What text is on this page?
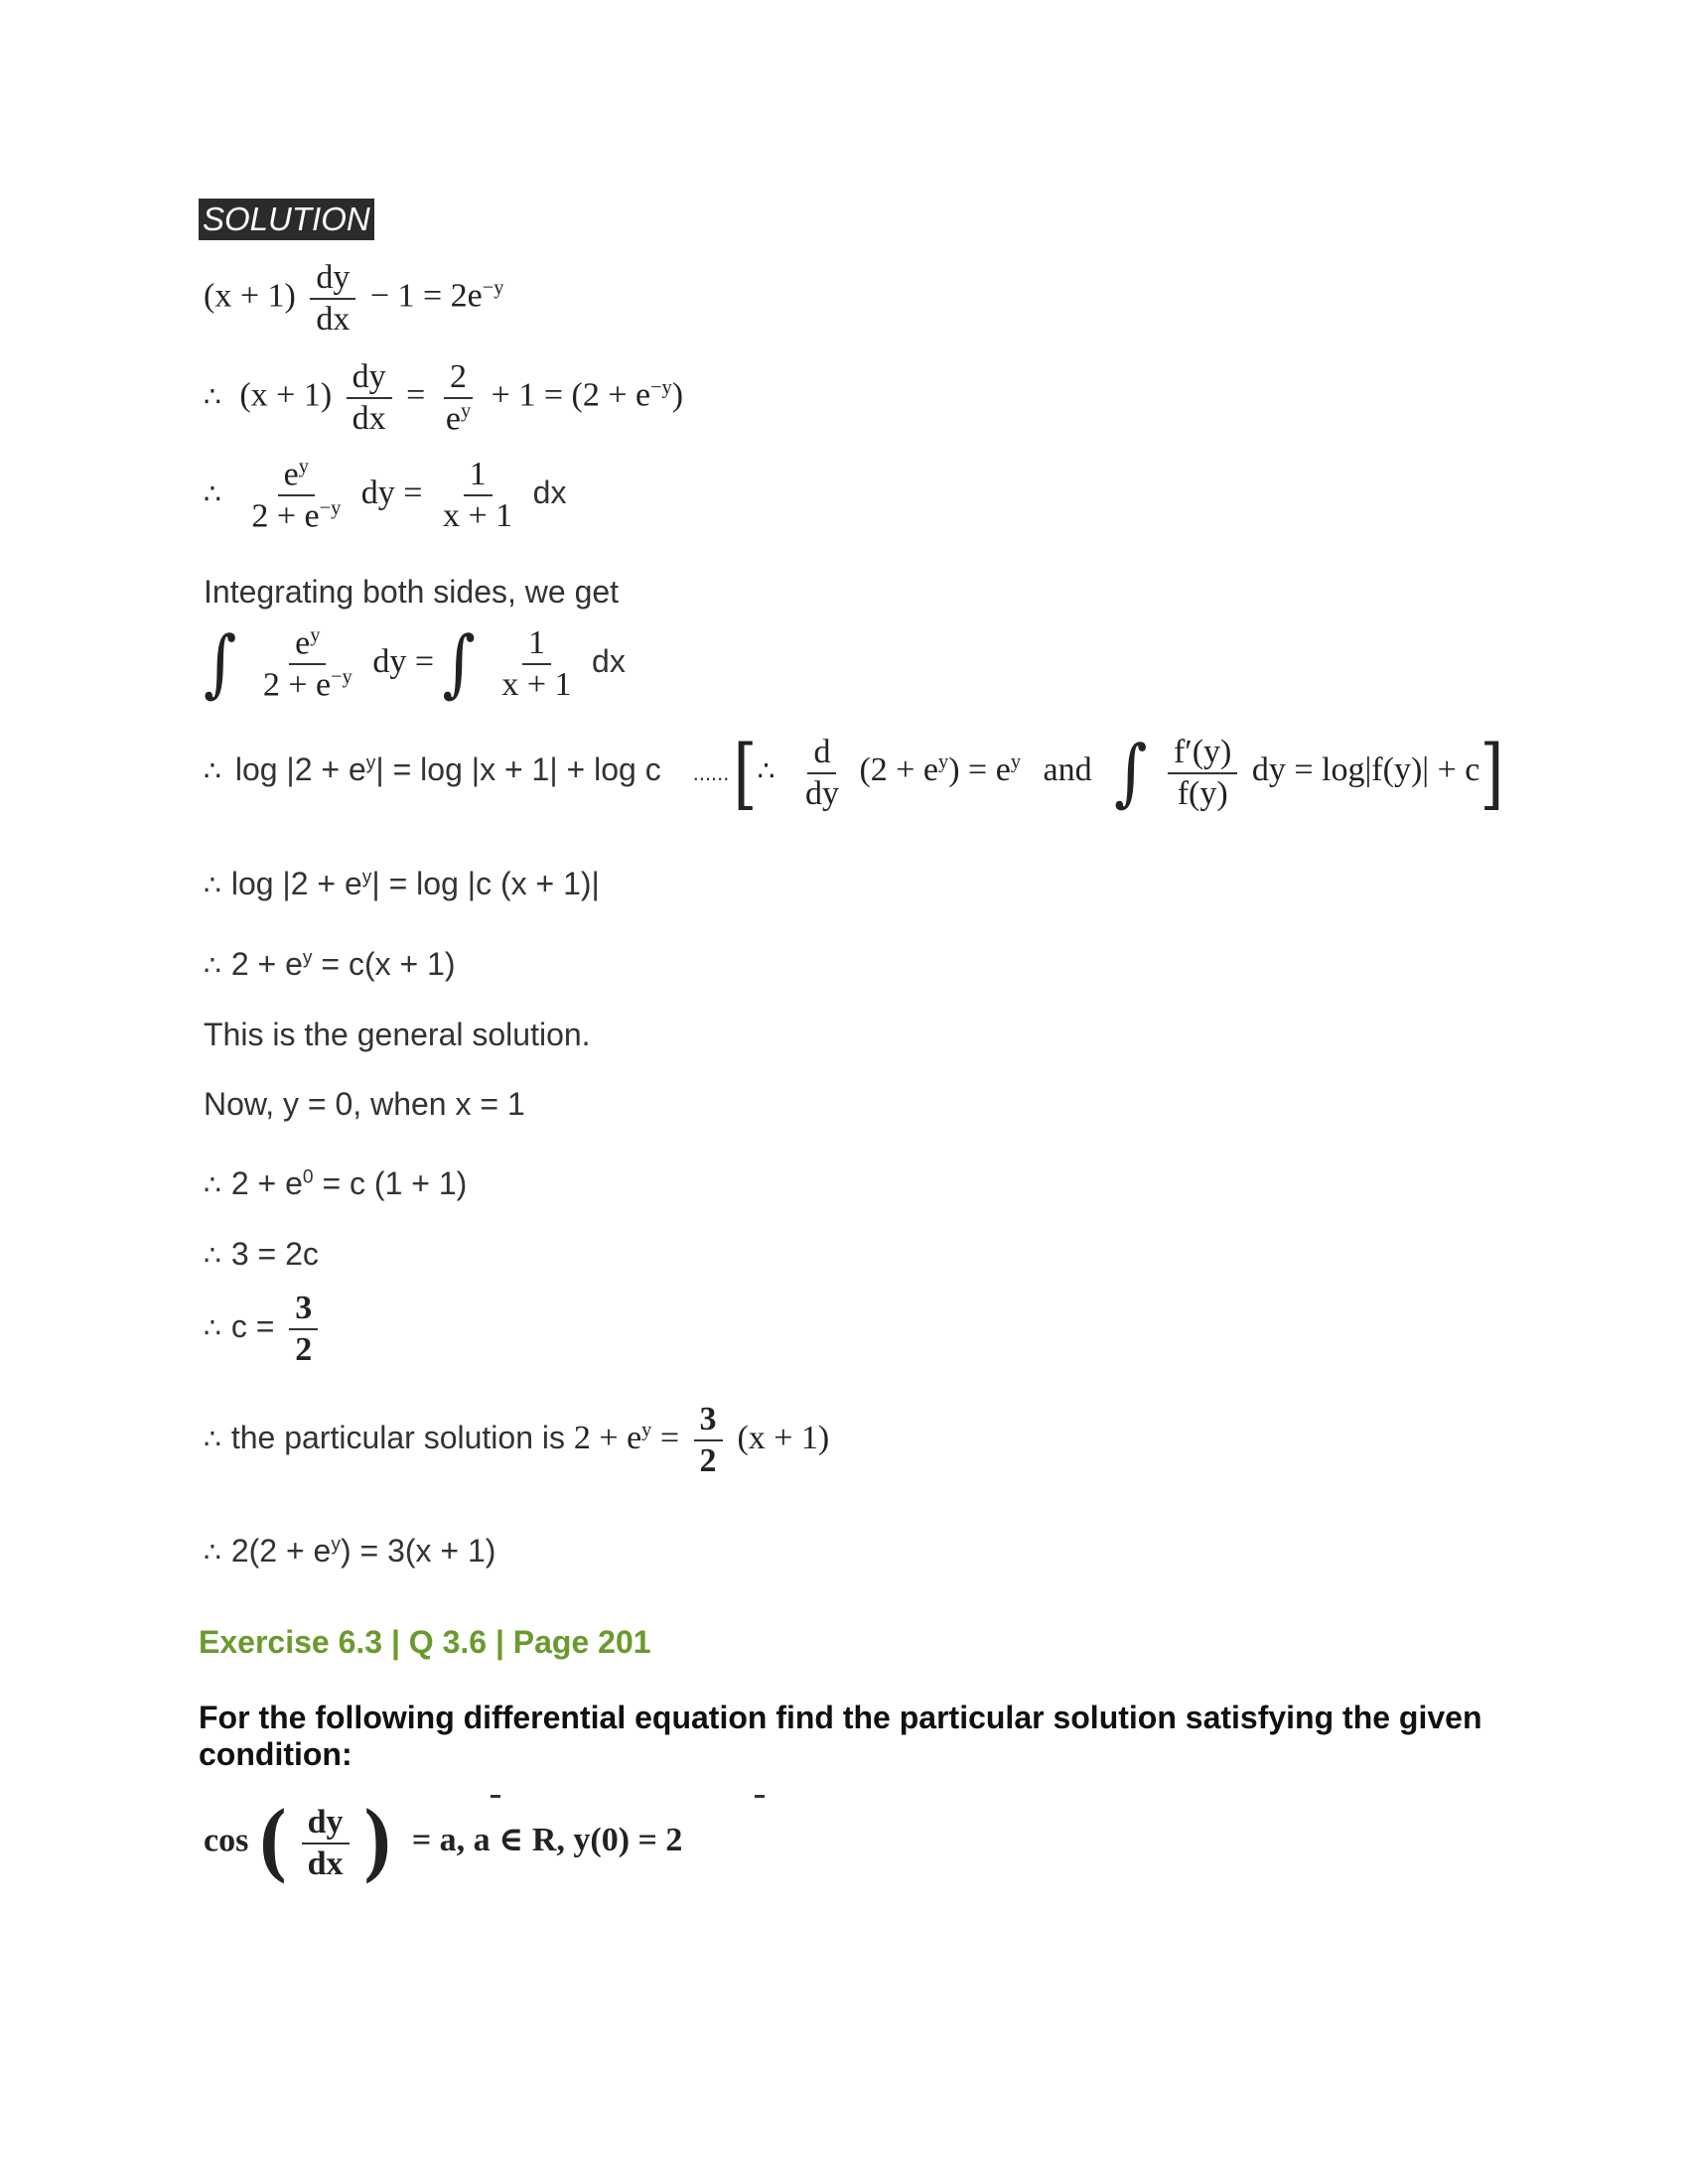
SOLUTION
$(x + 1) \frac{dy}{dx} - 1 = 2e^{-y}$
∴ $(x + 1) \frac{dy}{dx} = \frac{2}{e^y} + 1 = (2 + e^{-y})$
∴ $\frac{e^y}{2 + e^{-y}}$ dy = $\frac{1}{x + 1}$ dx
Integrating both sides, we get
∫ $\frac{e^y}{2 + e^{-y}}$ dy = ∫ $\frac{1}{x + 1}$ dx
∴ $\log |2 + e^y| = \log |x + 1| + \log c$ ...... [∴ $\frac{d}{dy} (2 + e^y) = e^y$ and ∫ $\frac{f'(y)}{f(y)}$ dy = log|f(y)| + c]
∴ $\log |2 + e^y| = \log |c$ (x + 1)|
∴ $2 + e^y = c(x + 1)$
This is the general solution.
Now, y = 0, when x = 1
∴ $2 + e^0 = c$ (1 + 1)
∴ 3 = 2c
∴ $c = \frac{3}{2}$
∴ the particular solution is $2 + e^y = \frac{3}{2} (x + 1)$
∴ $2(2 + e^y) = 3(x + 1)$
Exercise 6.3 | Q 3.6 | Page 201
For the following differential equation find the particular solution satisfying the given condition:
cos ( $\frac{dy}{dx}$ ) = a, a ∈ R, y(0) = 2
